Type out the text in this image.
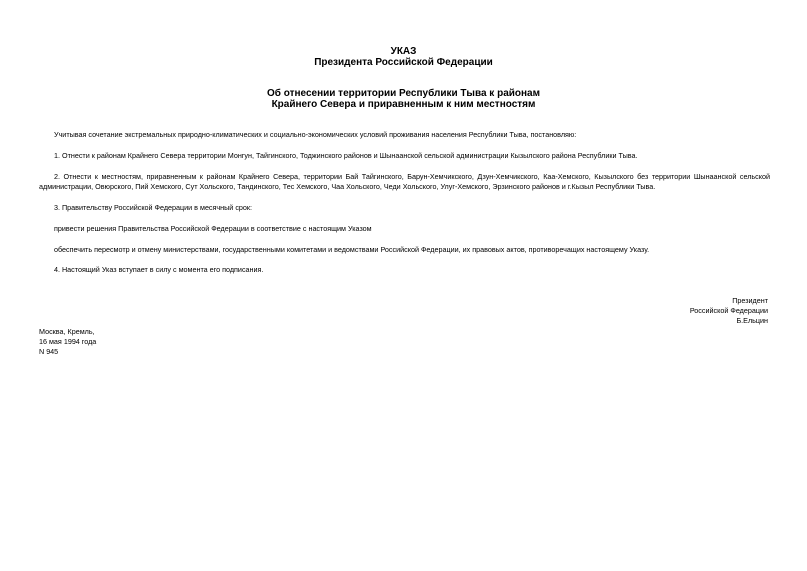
УКАЗ
Президента Российской Федерации
Об отнесении территории Республики Тыва к районам
Крайнего Севера и приравненным к ним местностям
Учитывая сочетание экстремальных природно-климатических и социально-экономических условий проживания населения Республики Тыва, постановляю:
1. Отнести к районам Крайнего Севера территории Монгун, Тайгинского, Тоджинского районов и Шынаанской сельской администрации Кызылского района Республики Тыва.
2. Отнести к местностям, приравненным к районам Крайнего Севера, территории Бай Тайгинского, Барун-Хемчикского, Дзун-Хемчикского, Каа-Хемского, Кызылского без территории Шынаанской сельской администрации, Овюрского, Пий Хемского, Сут Хольского, Тандинского, Тес Хемского, Чаа Хольского, Чеди Хольского, Улуг-Хемского, Эрзинского районов и г.Кызыл Республики Тыва.
3. Правительству Российской Федерации в месячный срок:
привести решения Правительства Российской Федерации в соответствие с настоящим Указом
обеспечить пересмотр и отмену министерствами, государственными комитетами и ведомствами Российской Федерации, их правовых актов, противоречащих настоящему Указу.
4. Настоящий Указ вступает в силу с момента его подписания.
Президент
Российской Федерации
Б.Ельцин
Москва, Кремль,
16 мая 1994 года
N 945
